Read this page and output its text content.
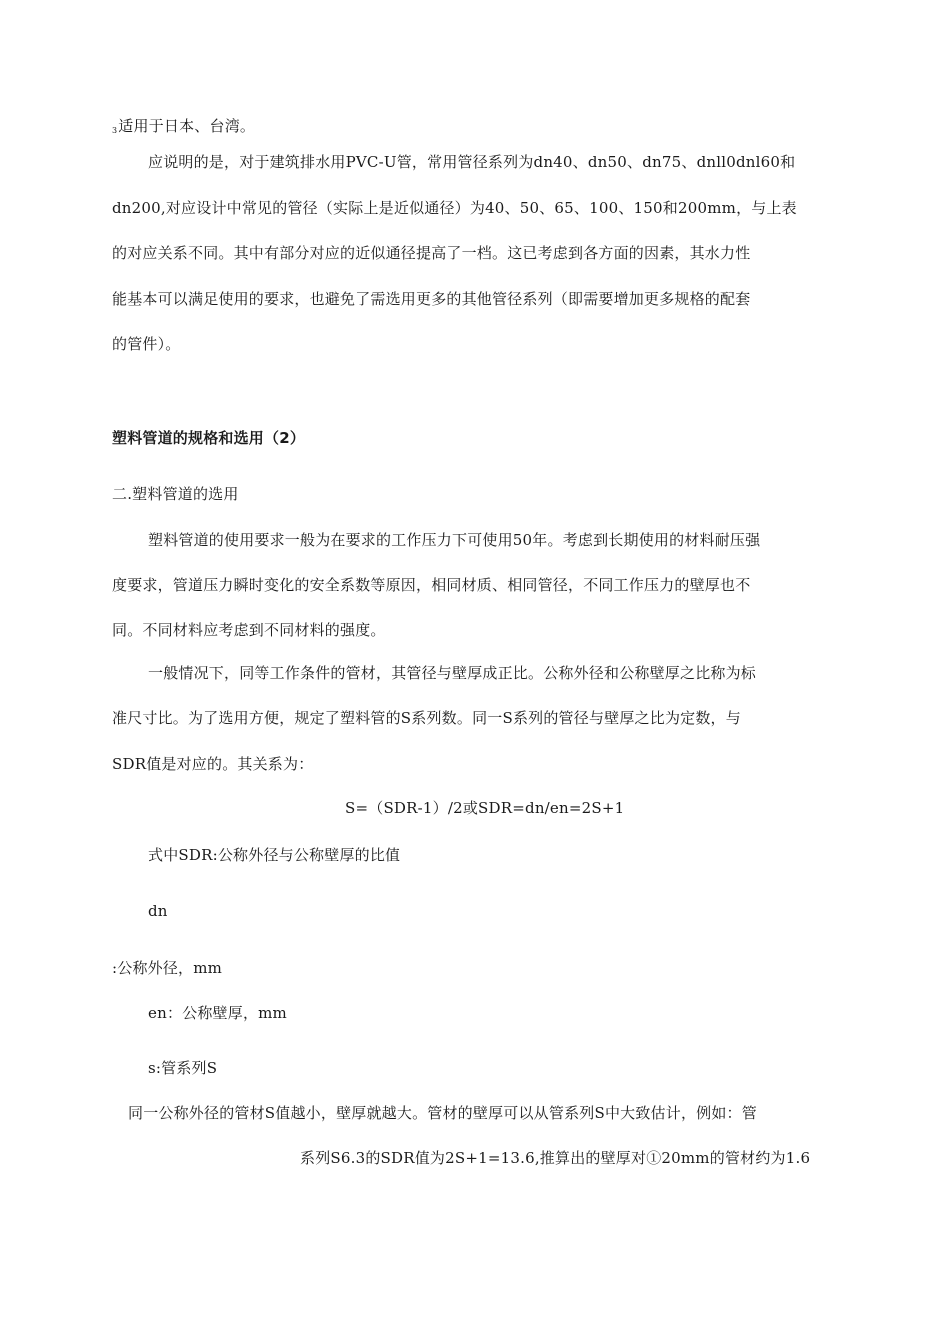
3适用于日本、台湾。
应说明的是，对于建筑排水用PVC-U管，常用管径系列为dn40、dn50、dn75、dnll0dnl60和
dn200,对应设计中常见的管径（实际上是近似通径）为40、50、65、100、150和200mm，与上表
的对应关系不同。其中有部分对应的近似通径提高了一档。这已考虑到各方面的因素，其水力性
能基本可以满足使用的要求，也避免了需选用更多的其他管径系列（即需要增加更多规格的配套
的管件）。
塑料管道的规格和选用（2）
二.塑料管道的选用
塑料管道的使用要求一般为在要求的工作压力下可使用50年。考虑到长期使用的材料耐压强
度要求，管道压力瞬时变化的安全系数等原因，相同材质、相同管径，不同工作压力的壁厚也不
同。不同材料应考虑到不同材料的强度。
一般情况下，同等工作条件的管材，其管径与壁厚成正比。公称外径和公称壁厚之比称为标
准尺寸比。为了选用方便，规定了塑料管的S系列数。同一S系列的管径与壁厚之比为定数，与
SDR值是对应的。其关系为：
S=（SDR-1）/2或SDR=dn/en=2S+1
式中SDR:公称外径与公称壁厚的比值
dn
:公称外径，mm
en：公称壁厚，mm
s:管系列S
同一公称外径的管材S值越小，壁厚就越大。管材的壁厚可以从管系列S中大致估计，例如：管
系列S6.3的SDR值为2S+1=13.6,推算出的壁厚对①20mm的管材约为1.6
